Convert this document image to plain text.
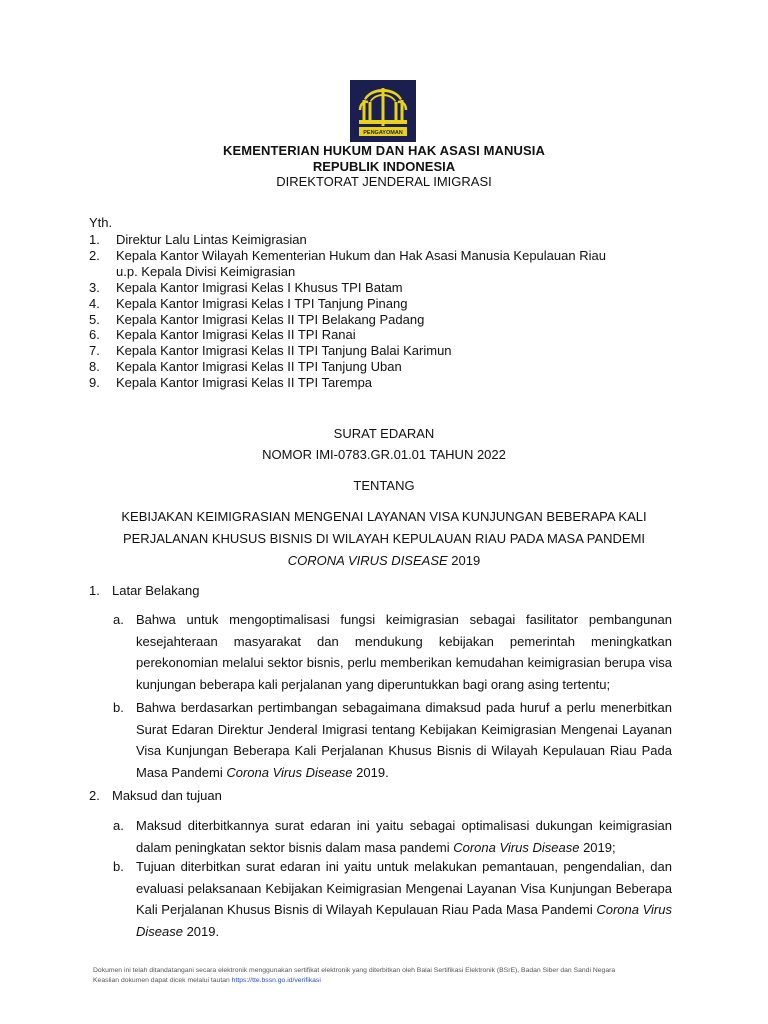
PENGAYOMAN
KEMENTERIAN HUKUM DAN HAK ASASI MANUSIA
REPUBLIK INDONESIA
DIREKTORAT JENDERAL IMIGRASI
Yth.
1. Direktur Lalu Lintas Keimigrasian
2. Kepala Kantor Wilayah Kementerian Hukum dan Hak Asasi Manusia Kepulauan Riau
u.p. Kepala Divisi Keimigrasian
3. Kepala Kantor Imigrasi Kelas I Khusus TPI Batam
4. Kepala Kantor Imigrasi Kelas I TPI Tanjung Pinang
5. Kepala Kantor Imigrasi Kelas II TPI Belakang Padang
6. Kepala Kantor Imigrasi Kelas II TPI Ranai
7. Kepala Kantor Imigrasi Kelas II TPI Tanjung Balai Karimun
8. Kepala Kantor Imigrasi Kelas II TPI Tanjung Uban
9. Kepala Kantor Imigrasi Kelas II TPI Tarempa
SURAT EDARAN
NOMOR IMI-0783.GR.01.01 TAHUN 2022
TENTANG
KEBIJAKAN KEIMIGRASIAN MENGENAI LAYANAN VISA KUNJUNGAN BEBERAPA KALI PERJALANAN KHUSUS BISNIS DI WILAYAH KEPULAUAN RIAU PADA MASA PANDEMI
CORONA VIRUS DISEASE 2019
1. Latar Belakang
a. Bahwa untuk mengoptimalisasi fungsi keimigrasian sebagai fasilitator pembangunan kesejahteraan masyarakat dan mendukung kebijakan pemerintah meningkatkan perekonomian melalui sektor bisnis, perlu memberikan kemudahan keimigrasian berupa visa kunjungan beberapa kali perjalanan yang diperuntukkan bagi orang asing tertentu;
b. Bahwa berdasarkan pertimbangan sebagaimana dimaksud pada huruf a perlu menerbitkan Surat Edaran Direktur Jenderal Imigrasi tentang Kebijakan Keimigrasian Mengenai Layanan Visa Kunjungan Beberapa Kali Perjalanan Khusus Bisnis di Wilayah Kepulauan Riau Pada Masa Pandemi Corona Virus Disease 2019.
2. Maksud dan tujuan
a. Maksud diterbitkannya surat edaran ini yaitu sebagai optimalisasi dukungan keimigrasian dalam peningkatan sektor bisnis dalam masa pandemi Corona Virus Disease 2019;
b. Tujuan diterbitkan surat edaran ini yaitu untuk melakukan pemantauan, pengendalian, dan evaluasi pelaksanaan Kebijakan Keimigrasian Mengenai Layanan Visa Kunjungan Beberapa Kali Perjalanan Khusus Bisnis di Wilayah Kepulauan Riau Pada Masa Pandemi Corona Virus Disease 2019.
Dokumen ini telah ditandatangani secara elektronik menggunakan sertifikat elektronik yang diterbitkan oleh Balai Sertifikasi Elektronik (BSrE), Badan Siber dan Sandi Negara
Keaslian dokumen dapat dicek melalui tautan https://tte.bssn.go.id/verifikasi
